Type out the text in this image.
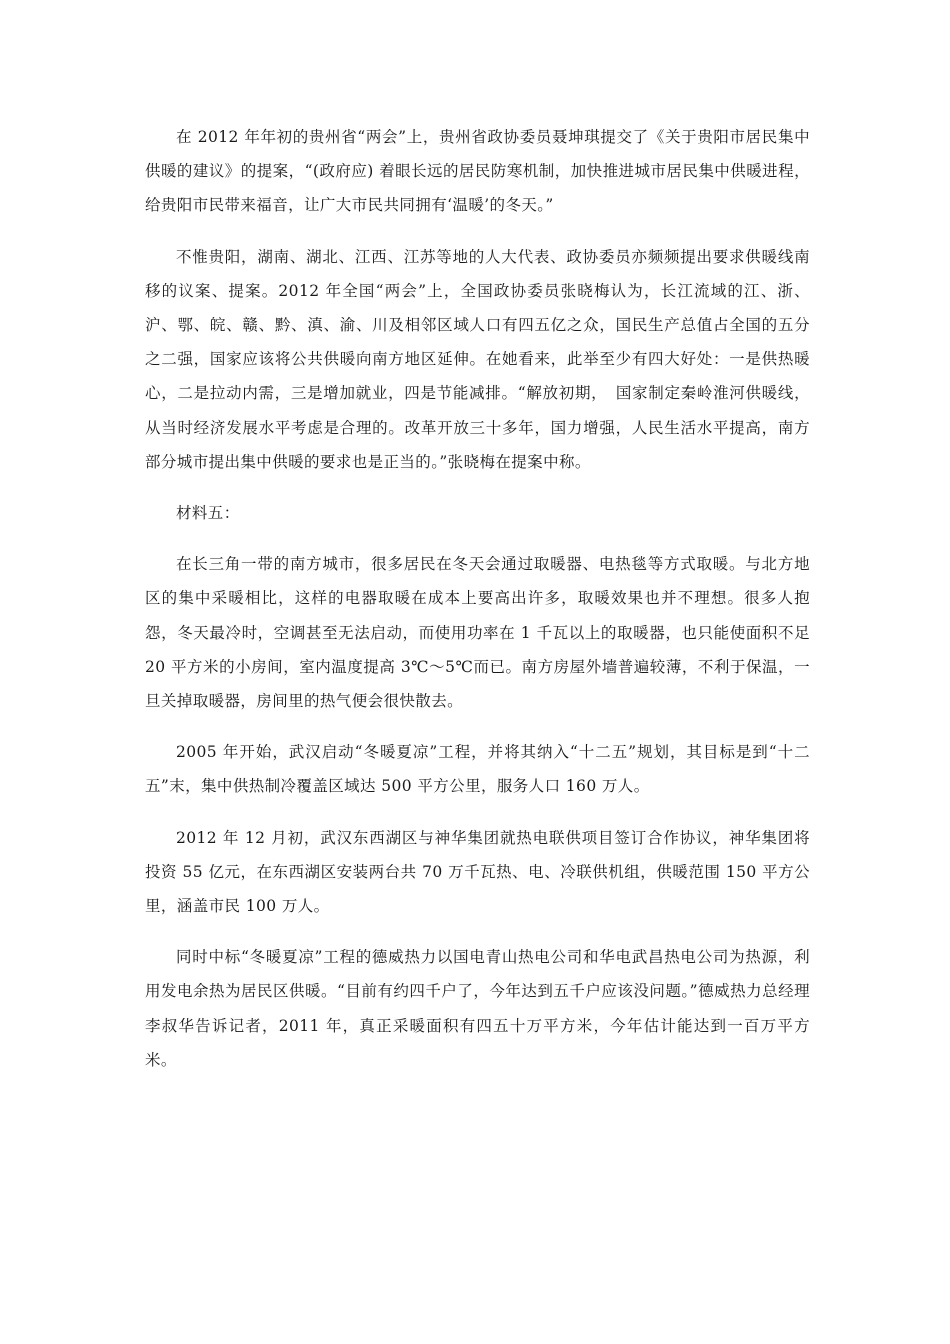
在 2012 年年初的贵州省“两会”上，贵州省政协委员聂坤琪提交了《关于贵阳市居民集中供暖的建议》的提案，“(政府应) 着眼长远的居民防寒机制，加快推进城市居民集中供暖进程，给贵阳市民带来福音，让广大市民共同拥有‘温暖’的冬天。”

不惟贵阳，湖南、湖北、江西、江苏等地的人大代表、政协委员亦频频提出要求供暖线南移的议案、提案。2012 年全国“两会”上，全国政协委员张晓梅认为，长江流域的江、浙、沪、鄂、皖、赣、黔、滇、渝、川及相邻区域人口有四五亿之众，国民生产总值占全国的五分之二强，国家应该将公共供暖向南方地区延伸。在她看来，此举至少有四大好处：一是供热暖心，二是拉动内需，三是增加就业，四是节能减排。“解放初期，　国家制定秦岭淮河供暖线，从当时经济发展水平考虑是合理的。改革开放三十多年，国力增强，人民生活水平提高，南方部分城市提出集中供暖的要求也是正当的。”张晓梅在提案中称。

材料五：

在长三角一带的南方城市，很多居民在冬天会通过取暖器、电热毯等方式取暖。与北方地区的集中采暖相比，这样的电器取暖在成本上要高出许多，取暖效果也并不理想。很多人抱怨，冬天最冷时，空调甚至无法启动，而使用功率在 1 千瓦以上的取暖器，也只能使面积不足 20 平方米的小房间，室内温度提高 3℃～5℃而已。南方房屋外墙普遍较薄，不利于保温，一旦关掉取暖器，房间里的热气便会很快散去。

2005 年开始，武汉启动“冬暖夏凉”工程，并将其纳入“十二五”规划，其目标是到“十二五”末，集中供热制冷覆盖区域达 500 平方公里，服务人口 160 万人。

2012 年 12 月初，武汉东西湖区与神华集团就热电联供项目签订合作协议，神华集团将投资 55 亿元，在东西湖区安装两台共 70 万千瓦热、电、冷联供机组，供暖范围 150 平方公里，涵盖市民 100 万人。

同时中标“冬暖夏凉”工程的德威热力以国电青山热电公司和华电武昌热电公司为热源，利用发电余热为居民区供暖。“目前有约四千户了，今年达到五千户应该没问题。”德威热力总经理李叔华告诉记者，2011 年，真正采暖面积有四五十万平方米，今年估计能达到一百万平方米。
